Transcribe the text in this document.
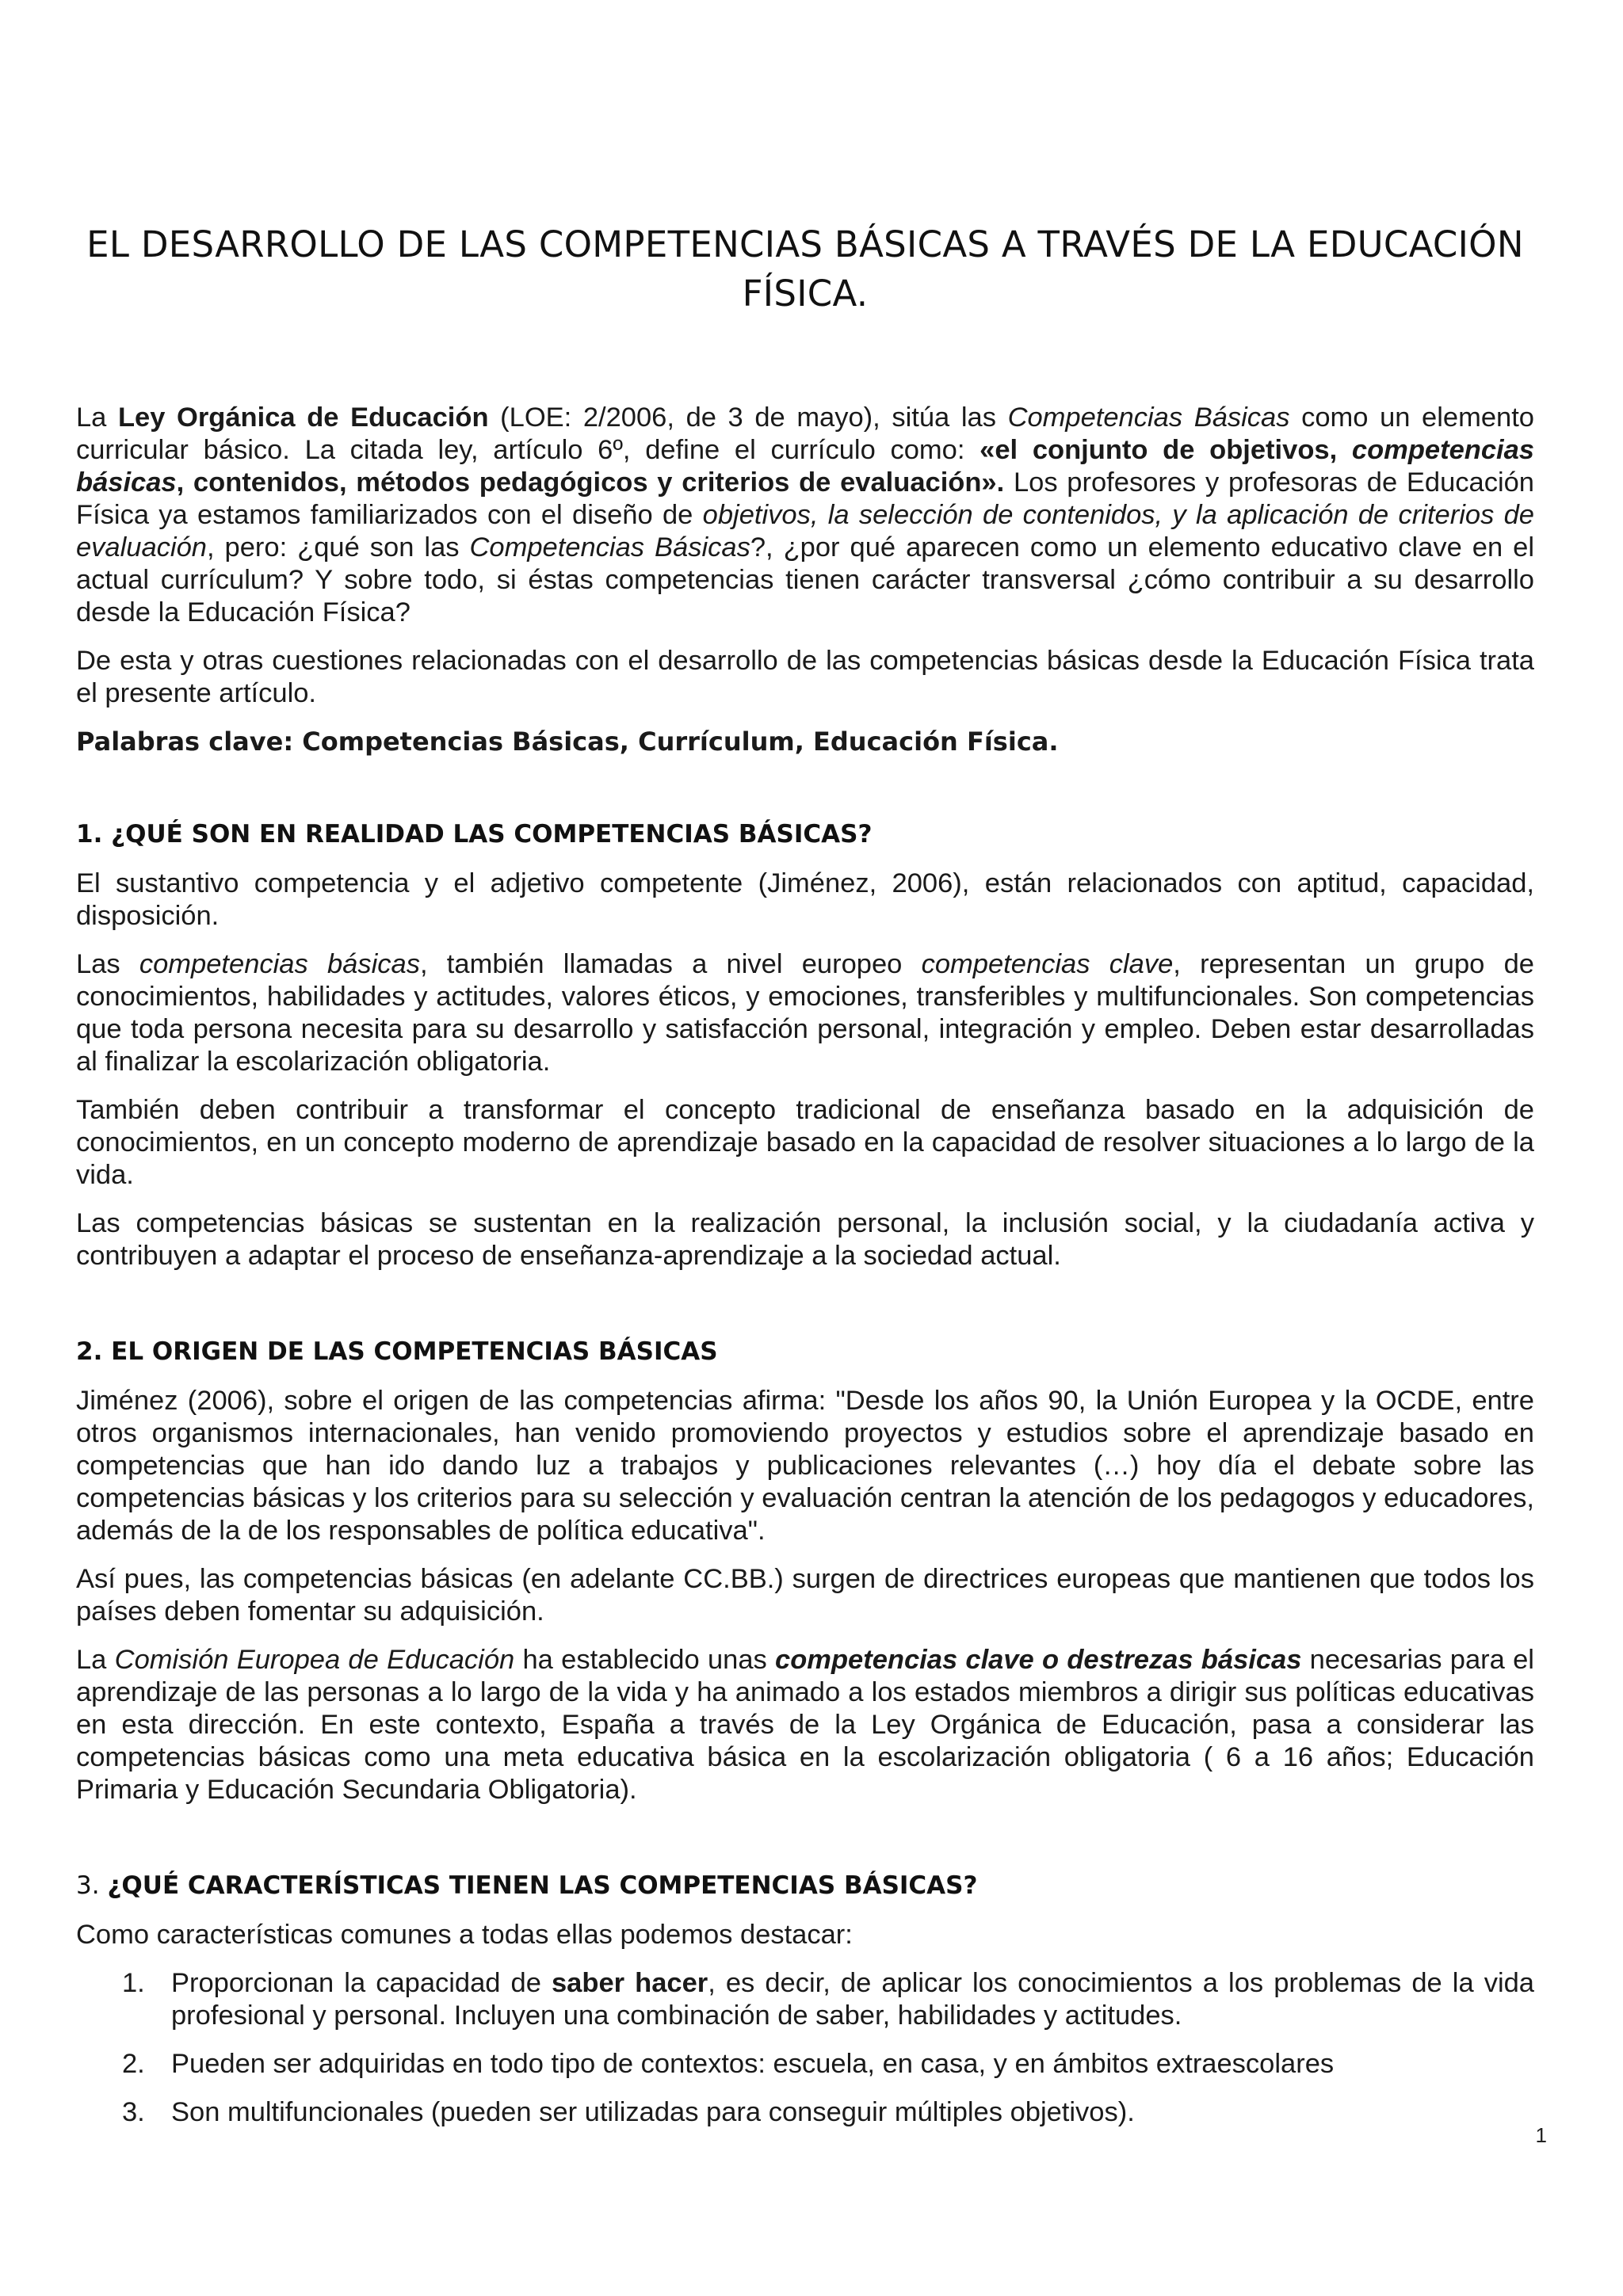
EL DESARROLLO DE LAS COMPETENCIAS BÁSICAS A TRAVÉS DE LA EDUCACIÓN FÍSICA.

La Ley Orgánica de Educación (LOE: 2/2006, de 3 de mayo), sitúa las Competencias Básicas como un elemento curricular básico. La citada ley, artículo 6º, define el currículo como: «el conjunto de objetivos, competencias básicas, contenidos, métodos pedagógicos y criterios de evaluación». Los profesores y profesoras de Educación Física ya estamos familiarizados con el diseño de objetivos, la selección de contenidos, y la aplicación de criterios de evaluación, pero: ¿qué son las Competencias Básicas?, ¿por qué aparecen como un elemento educativo clave en el actual currículum? Y sobre todo, si éstas competencias tienen carácter transversal ¿cómo contribuir a su desarrollo desde la Educación Física?

De esta y otras cuestiones relacionadas con el desarrollo de las competencias básicas desde la Educación Física trata el presente artículo.

Palabras clave: Competencias Básicas, Currículum, Educación Física.

1. ¿QUÉ SON EN REALIDAD LAS COMPETENCIAS BÁSICAS?

El sustantivo competencia y el adjetivo competente (Jiménez, 2006), están relacionados con aptitud, capacidad, disposición.

Las competencias básicas, también llamadas a nivel europeo competencias clave, representan un grupo de conocimientos, habilidades y actitudes, valores éticos, y emociones, transferibles y multifuncionales. Son competencias que toda persona necesita para su desarrollo y satisfacción personal, integración y empleo. Deben estar desarrolladas al finalizar la escolarización obligatoria.

También deben contribuir a transformar el concepto tradicional de enseñanza basado en la adquisición de conocimientos, en un concepto moderno de aprendizaje basado en la capacidad de resolver situaciones a lo largo de la vida.

Las competencias básicas se sustentan en la realización personal, la inclusión social, y la ciudadanía activa y contribuyen a adaptar el proceso de enseñanza-aprendizaje a la sociedad actual.

2. EL ORIGEN DE LAS COMPETENCIAS BÁSICAS

Jiménez (2006), sobre el origen de las competencias afirma: "Desde los años 90, la Unión Europea y la OCDE, entre otros organismos internacionales, han venido promoviendo proyectos y estudios sobre el aprendizaje basado en competencias que han ido dando luz a trabajos y publicaciones relevantes (…) hoy día el debate sobre las competencias básicas y los criterios para su selección y evaluación centran la atención de los pedagogos y educadores, además de la de los responsables de política educativa".

Así pues, las competencias básicas (en adelante CC.BB.) surgen de directrices europeas que mantienen que todos los países deben fomentar su adquisición.

La Comisión Europea de Educación ha establecido unas competencias clave o destrezas básicas necesarias para el aprendizaje de las personas a lo largo de la vida y ha animado a los estados miembros a dirigir sus políticas educativas en esta dirección. En este contexto, España a través de la Ley Orgánica de Educación, pasa a considerar las competencias básicas como una meta educativa básica en la escolarización obligatoria ( 6 a 16 años; Educación Primaria y Educación Secundaria Obligatoria).

3. ¿QUÉ CARACTERÍSTICAS TIENEN LAS COMPETENCIAS BÁSICAS?

Como características comunes a todas ellas podemos destacar:

1. Proporcionan la capacidad de saber hacer, es decir, de aplicar los conocimientos a los problemas de la vida profesional y personal. Incluyen una combinación de saber, habilidades y actitudes.
2. Pueden ser adquiridas en todo tipo de contextos: escuela, en casa, y en ámbitos extraescolares
3. Son multifuncionales (pueden ser utilizadas para conseguir múltiples objetivos).
1
